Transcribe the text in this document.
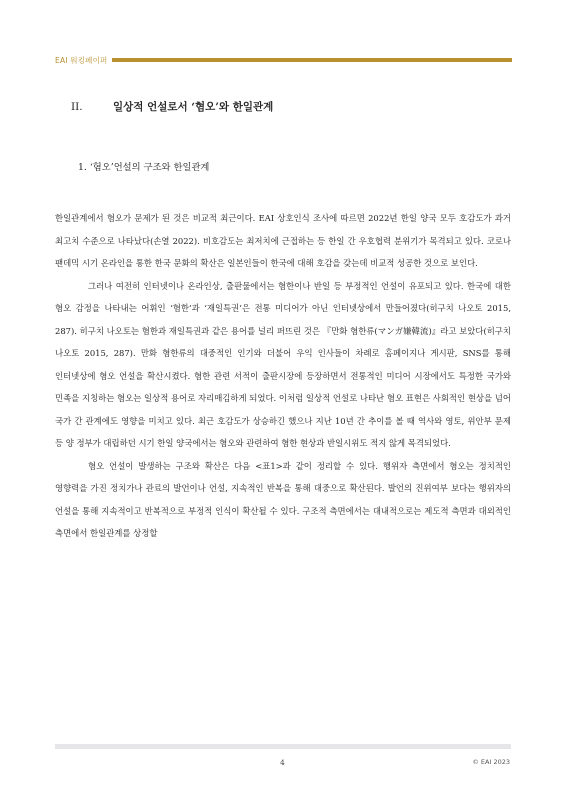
EAI 워킹페이퍼
II.	일상적 언설로서 ‘혐오’와 한일관계
1. ‘혐오’언설의 구조와 한일관계

한일관계에서 혐오가 문제가 된 것은 비교적 최근이다. EAI 상호인식 조사에 따르면 2022년 한일 양국 모두 호감도가 과거 최고치 수준으로 나타났다(손열 2022). 비호감도는 최저치에 근접하는 등 한일 간 우호협력 분위기가 목격되고 있다. 코로나 팬데믹 시기 온라인을 통한 한국 문화의 확산은 일본인들이 한국에 대해 호감을 갖는데 비교적 성공한 것으로 보인다.

그러나 여전히 인터넷이나 온라인상, 출판물에서는 혐한이나 반일 등 부정적인 언설이 유포되고 있다. 한국에 대한 혐오 감정을 나타내는 어휘인 ‘혐한’과 ‘재일특권’은 전통 미디어가 아닌 인터넷상에서 만들어졌다(히구치 나오토 2015, 287). 히구치 나오토는 혐한과 재일특권과 같은 용어를 널리 퍼뜨린 것은 『만화 혐한류(マンガ嫌韓流)』라고 보았다(히구치 나오토 2015, 287). 만화 혐한류의 대중적인 인기와 더불어 우익 인사들이 차례로 홈페이지나 게시판, SNS를 통해 인터넷상에 혐오 언설을 확산시켰다. 혐한 관련 서적이 출판시장에 등장하면서 전통적인 미디어 시장에서도 특정한 국가와 민족을 지칭하는 혐오는 일상적 용어로 자리매김하게 되었다. 이처럼 일상적 언설로 나타난 혐오 표현은 사회적인 현상을 넘어 국가 간 관계에도 영향을 미치고 있다. 최근 호감도가 상승하긴 했으나 지난 10년 간 추이를 볼 때 역사와 영토, 위안부 문제 등 양 정부가 대립하던 시기 한일 양국에서는 혐오와 관련하여 혐한 현상과 반일시위도 적지 않게 목격되었다.

혐오 언설이 발생하는 구조와 확산은 다음 <표1>과 같이 정리할 수 있다. 행위자 측면에서 혐오는 정치적인 영향력을 가진 정치가나 관료의 발언이나 언설, 지속적인 반복을 통해 대중으로 확산된다. 발언의 진위여부 보다는 행위자의 언설을 통해 지속적이고 반복적으로 부정적 인식이 확산될 수 있다. 구조적 측면에서는 대내적으로는 제도적 측면과 대외적인 측면에서 한일관계를 상정할

4	© EAI 2023
